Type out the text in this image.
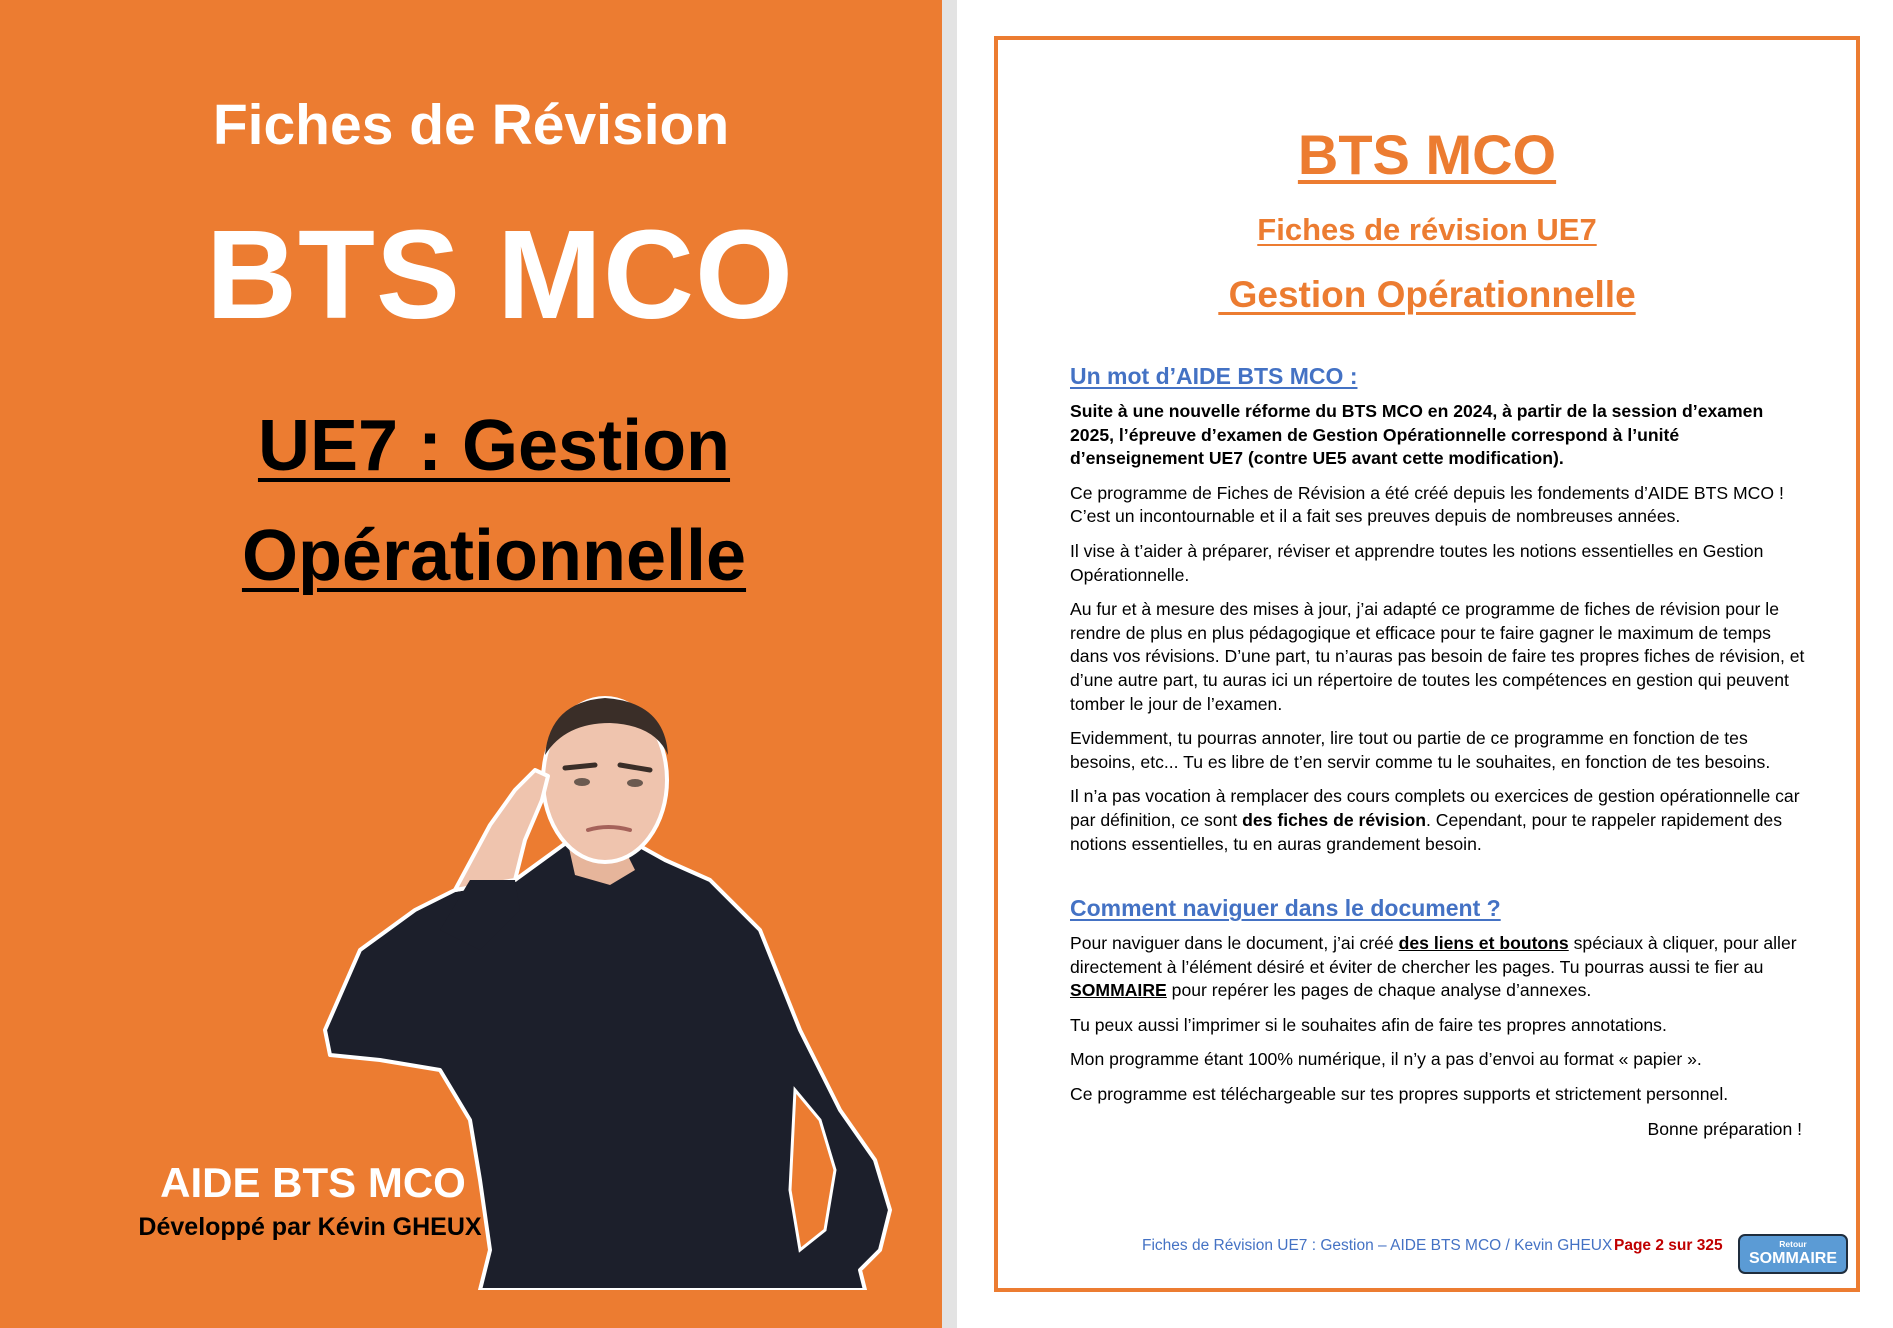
Fiches de Révision
BTS MCO
UE7 : Gestion
Opérationnelle
AIDE BTS MCO
Développé par Kévin GHEUX
BTS MCO
Fiches de révision UE7
Gestion Opérationnelle
Un mot d’AIDE BTS MCO :

Suite à une nouvelle réforme du BTS MCO en 2024, à partir de la session d’examen 2025, l’épreuve d’examen de Gestion Opérationnelle correspond à l’unité d’enseignement UE7 (contre UE5 avant cette modification).

Ce programme de Fiches de Révision a été créé depuis les fondements d’AIDE BTS MCO ! C’est un incontournable et il a fait ses preuves depuis de nombreuses années.

Il vise à t’aider à préparer, réviser et apprendre toutes les notions essentielles en Gestion Opérationnelle.

Au fur et à mesure des mises à jour, j’ai adapté ce programme de fiches de révision pour le rendre de plus en plus pédagogique et efficace pour te faire gagner le maximum de temps dans vos révisions. D’une part, tu n’auras pas besoin de faire tes propres fiches de révision, et d’une autre part, tu auras ici un répertoire de toutes les compétences en gestion qui peuvent tomber le jour de l’examen.

Evidemment, tu pourras annoter, lire tout ou partie de ce programme en fonction de tes besoins, etc... Tu es libre de t’en servir comme tu le souhaites, en fonction de tes besoins.

Il n’a pas vocation à remplacer des cours complets ou exercices de gestion opérationnelle car par définition, ce sont des fiches de révision. Cependant, pour te rappeler rapidement des notions essentielles, tu en auras grandement besoin.

Comment naviguer dans le document ?

Pour naviguer dans le document, j’ai créé des liens et boutons spéciaux à cliquer, pour aller directement à l’élément désiré et éviter de chercher les pages. Tu pourras aussi te fier au SOMMAIRE pour repérer les pages de chaque analyse d’annexes.

Tu peux aussi l’imprimer si le souhaites afin de faire tes propres annotations.

Mon programme étant 100% numérique, il n’y a pas d’envoi au format « papier ».

Ce programme est téléchargeable sur tes propres supports et strictement personnel.

Bonne préparation !

Fiches de Révision UE7 : Gestion – AIDE BTS MCO / Kevin GHEUX Page 2 sur 325	Retour
SOMMAIRE
